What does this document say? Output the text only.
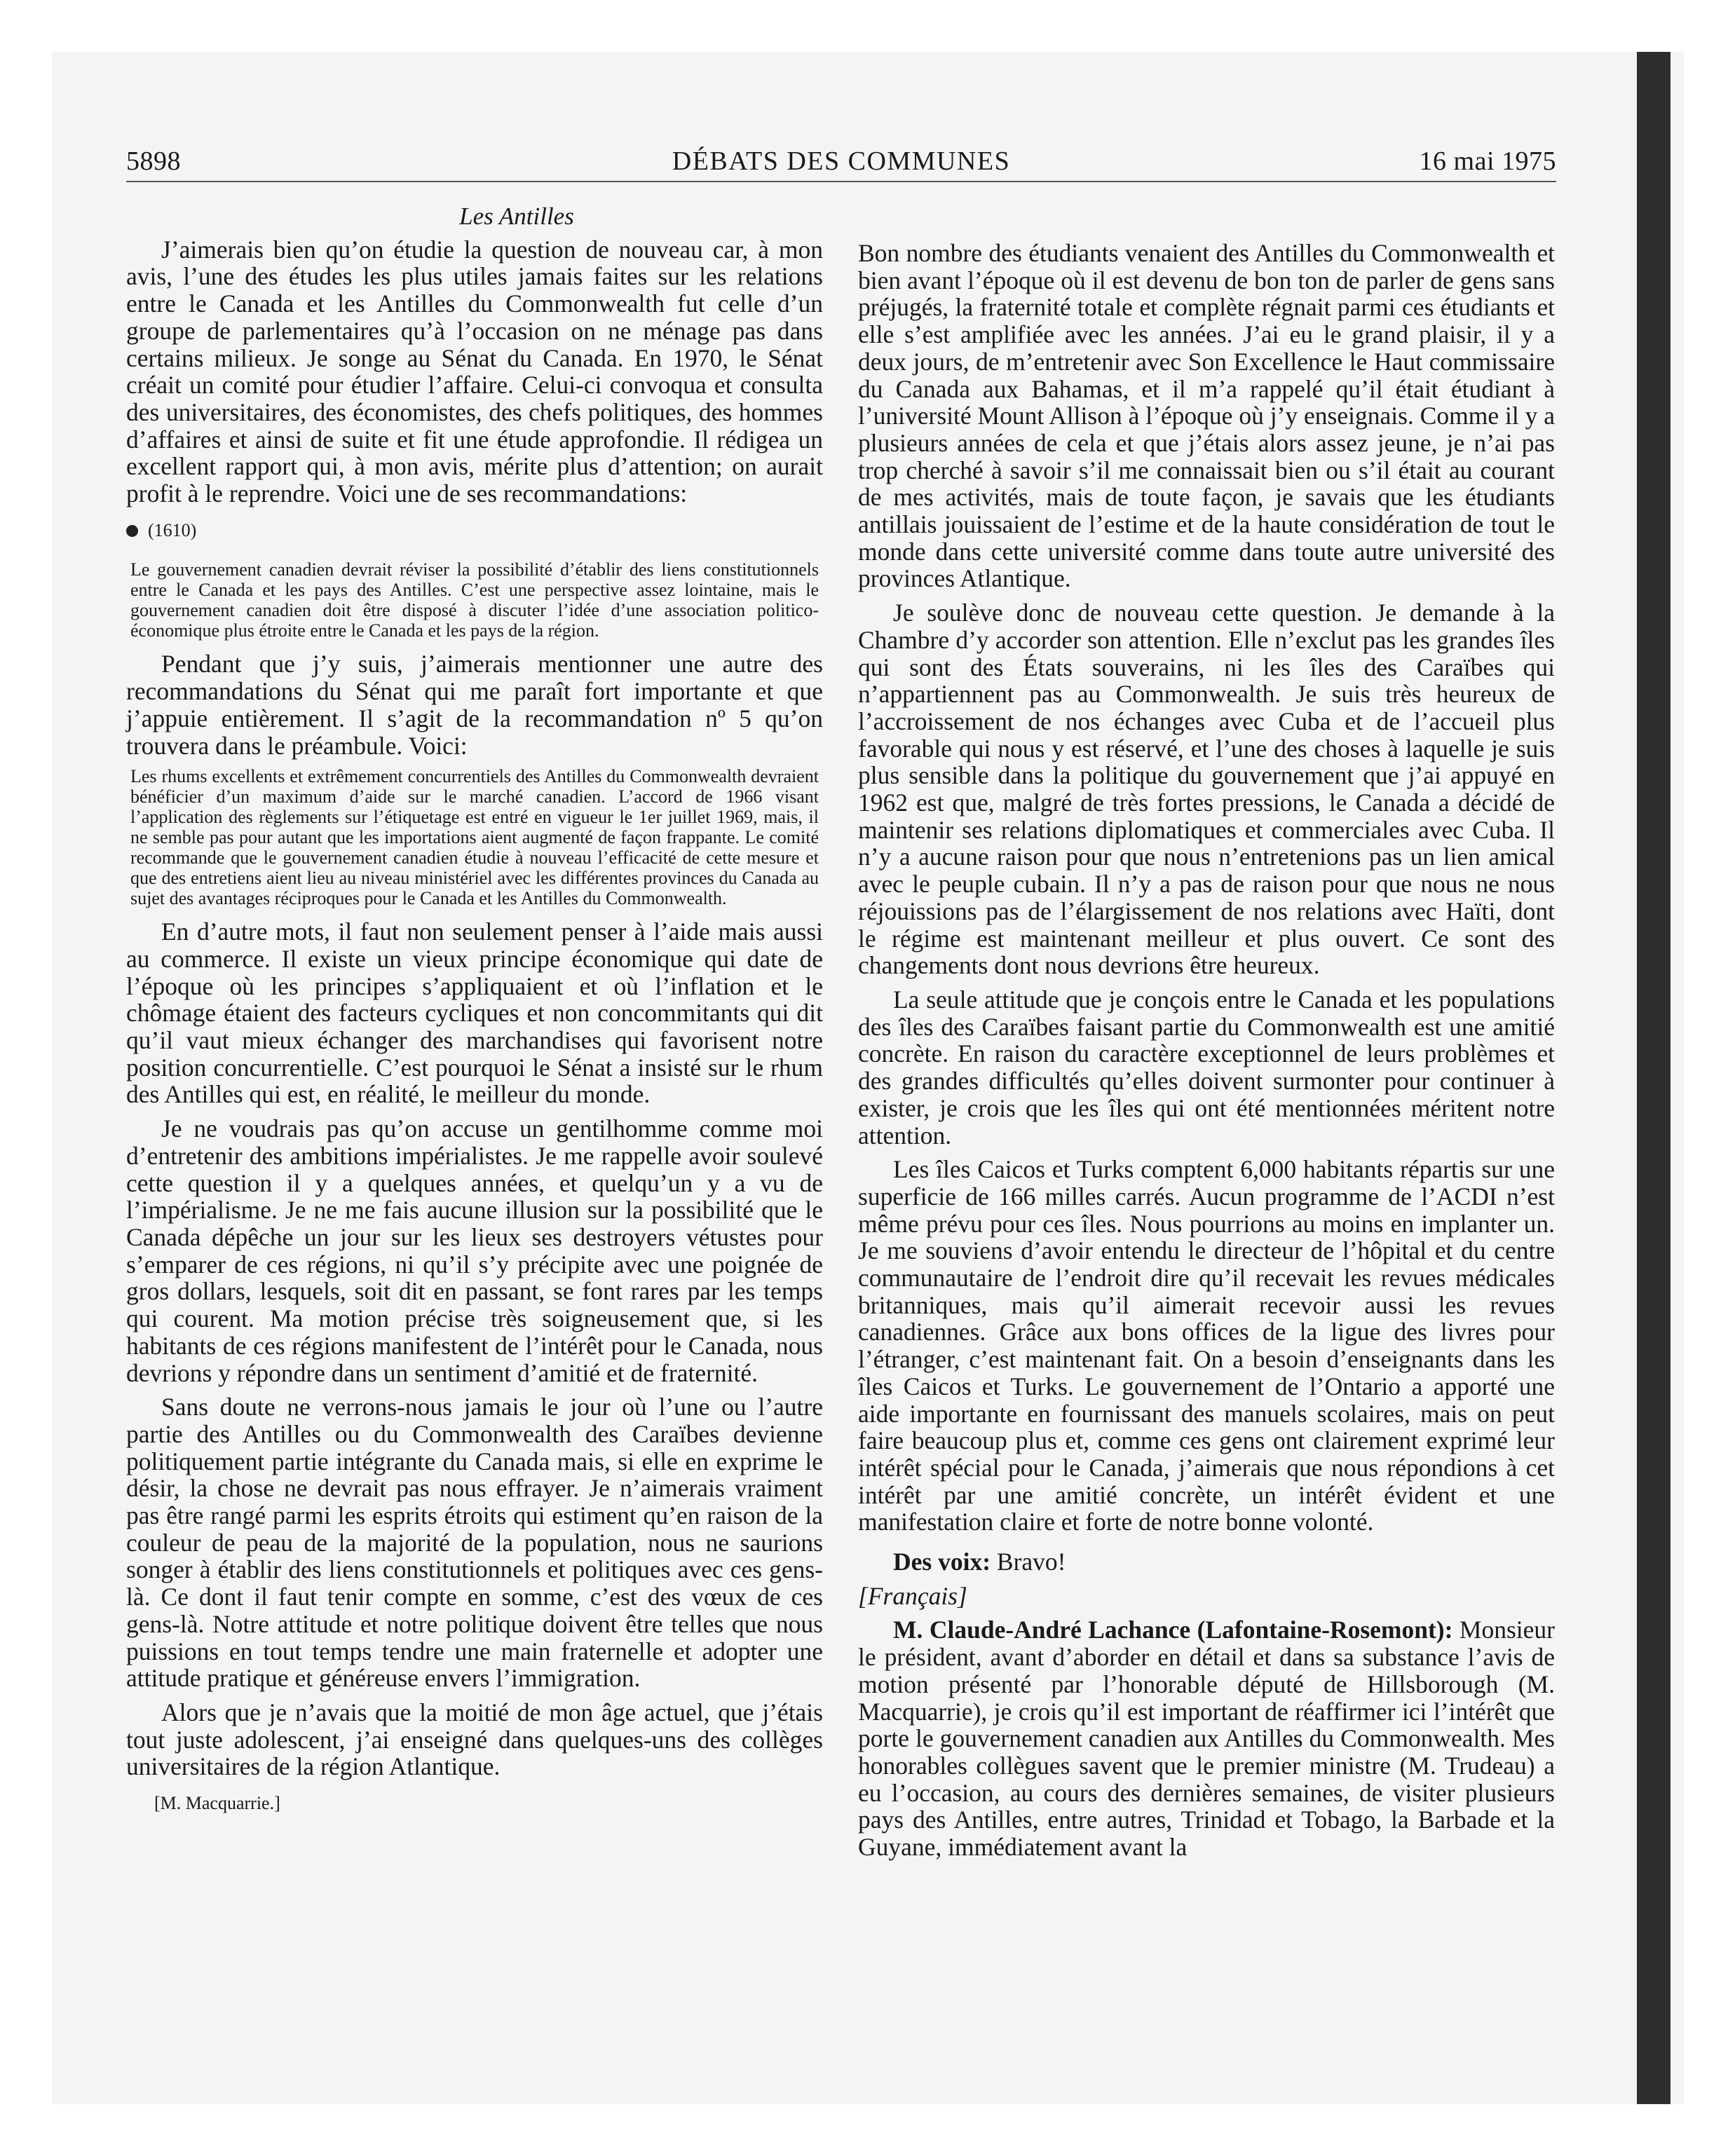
5898	DÉBATS DES COMMUNES	16 mai 1975
Les Antilles

J’aimerais bien qu’on étudie la question de nouveau car, à mon avis, l’une des études les plus utiles jamais faites sur les relations entre le Canada et les Antilles du Commonwealth fut celle d’un groupe de parlementaires qu’à l’occasion on ne ménage pas dans certains milieux. Je songe au Sénat du Canada. En 1970, le Sénat créait un comité pour étudier l’affaire. Celui-ci convoqua et consulta des universitaires, des économistes, des chefs politiques, des hommes d’affaires et ainsi de suite et fit une étude approfondie. Il rédigea un excellent rapport qui, à mon avis, mérite plus d’attention; on aurait profit à le reprendre. Voici une de ses recommandations:

(1610)
Le gouvernement canadien devrait réviser la possibilité d’établir des liens constitutionnels entre le Canada et les pays des Antilles. C’est une perspective assez lointaine, mais le gouvernement canadien doit être disposé à discuter l’idée d’une association politico-économique plus étroite entre le Canada et les pays de la région.

Pendant que j’y suis, j’aimerais mentionner une autre des recommandations du Sénat qui me paraît fort importante et que j’appuie entièrement. Il s’agit de la recommandation nº 5 qu’on trouvera dans le préambule. Voici:

Les rhums excellents et extrêmement concurrentiels des Antilles du Commonwealth devraient bénéficier d’un maximum d’aide sur le marché canadien. L’accord de 1966 visant l’application des règlements sur l’étiquetage est entré en vigueur le 1er juillet 1969, mais, il ne semble pas pour autant que les importations aient augmenté de façon frappante. Le comité recommande que le gouvernement canadien étudie à nouveau l’efficacité de cette mesure et que des entretiens aient lieu au niveau ministériel avec les différentes provinces du Canada au sujet des avantages réciproques pour le Canada et les Antilles du Commonwealth.

En d’autre mots, il faut non seulement penser à l’aide mais aussi au commerce. Il existe un vieux principe économique qui date de l’époque où les principes s’appliquaient et où l’inflation et le chômage étaient des facteurs cycliques et non concommitants qui dit qu’il vaut mieux échanger des marchandises qui favorisent notre position concurrentielle. C’est pourquoi le Sénat a insisté sur le rhum des Antilles qui est, en réalité, le meilleur du monde.

Je ne voudrais pas qu’on accuse un gentilhomme comme moi d’entretenir des ambitions impérialistes. Je me rappelle avoir soulevé cette question il y a quelques années, et quelqu’un y a vu de l’impérialisme. Je ne me fais aucune illusion sur la possibilité que le Canada dépêche un jour sur les lieux ses destroyers vétustes pour s’emparer de ces régions, ni qu’il s’y précipite avec une poignée de gros dollars, lesquels, soit dit en passant, se font rares par les temps qui courent. Ma motion précise très soigneusement que, si les habitants de ces régions manifestent de l’intérêt pour le Canada, nous devrions y répondre dans un sentiment d’amitié et de fraternité.

Sans doute ne verrons-nous jamais le jour où l’une ou l’autre partie des Antilles ou du Commonwealth des Caraïbes devienne politiquement partie intégrante du Canada mais, si elle en exprime le désir, la chose ne devrait pas nous effrayer. Je n’aimerais vraiment pas être rangé parmi les esprits étroits qui estiment qu’en raison de la couleur de peau de la majorité de la population, nous ne saurions songer à établir des liens constitutionnels et politiques avec ces gens-là. Ce dont il faut tenir compte en somme, c’est des vœux de ces gens-là. Notre attitude et notre politique doivent être telles que nous puissions en tout temps tendre une main fraternelle et adopter une attitude pratique et généreuse envers l’immigration.

Alors que je n’avais que la moitié de mon âge actuel, que j’étais tout juste adolescent, j’ai enseigné dans quelques-uns des collèges universitaires de la région Atlantique.

[M. Macquarrie.]

Bon nombre des étudiants venaient des Antilles du Commonwealth et bien avant l’époque où il est devenu de bon ton de parler de gens sans préjugés, la fraternité totale et complète régnait parmi ces étudiants et elle s’est amplifiée avec les années. J’ai eu le grand plaisir, il y a deux jours, de m’entretenir avec Son Excellence le Haut commissaire du Canada aux Bahamas, et il m’a rappelé qu’il était étudiant à l’université Mount Allison à l’époque où j’y enseignais. Comme il y a plusieurs années de cela et que j’étais alors assez jeune, je n’ai pas trop cherché à savoir s’il me connaissait bien ou s’il était au courant de mes activités, mais de toute façon, je savais que les étudiants antillais jouissaient de l’estime et de la haute considération de tout le monde dans cette université comme dans toute autre université des provinces Atlantique.

Je soulève donc de nouveau cette question. Je demande à la Chambre d’y accorder son attention. Elle n’exclut pas les grandes îles qui sont des États souverains, ni les îles des Caraïbes qui n’appartiennent pas au Commonwealth. Je suis très heureux de l’accroissement de nos échanges avec Cuba et de l’accueil plus favorable qui nous y est réservé, et l’une des choses à laquelle je suis plus sensible dans la politique du gouvernement que j’ai appuyé en 1962 est que, malgré de très fortes pressions, le Canada a décidé de maintenir ses relations diplomatiques et commerciales avec Cuba. Il n’y a aucune raison pour que nous n’entretenions pas un lien amical avec le peuple cubain. Il n’y a pas de raison pour que nous ne nous réjouissions pas de l’élargissement de nos relations avec Haïti, dont le régime est maintenant meilleur et plus ouvert. Ce sont des changements dont nous devrions être heureux.

La seule attitude que je conçois entre le Canada et les populations des îles des Caraïbes faisant partie du Commonwealth est une amitié concrète. En raison du caractère exceptionnel de leurs problèmes et des grandes difficultés qu’elles doivent surmonter pour continuer à exister, je crois que les îles qui ont été mentionnées méritent notre attention.

Les îles Caicos et Turks comptent 6,000 habitants répartis sur une superficie de 166 milles carrés. Aucun programme de l’ACDI n’est même prévu pour ces îles. Nous pourrions au moins en implanter un. Je me souviens d’avoir entendu le directeur de l’hôpital et du centre communautaire de l’endroit dire qu’il recevait les revues médicales britanniques, mais qu’il aimerait recevoir aussi les revues canadiennes. Grâce aux bons offices de la ligue des livres pour l’étranger, c’est maintenant fait. On a besoin d’enseignants dans les îles Caicos et Turks. Le gouvernement de l’Ontario a apporté une aide importante en fournissant des manuels scolaires, mais on peut faire beaucoup plus et, comme ces gens ont clairement exprimé leur intérêt spécial pour le Canada, j’aimerais que nous répondions à cet intérêt par une amitié concrète, un intérêt évident et une manifestation claire et forte de notre bonne volonté.

Des voix: Bravo!

[Français]

M. Claude-André Lachance (Lafontaine-Rosemont): Monsieur le président, avant d’aborder en détail et dans sa substance l’avis de motion présenté par l’honorable député de Hillsborough (M. Macquarrie), je crois qu’il est important de réaffirmer ici l’intérêt que porte le gouvernement canadien aux Antilles du Commonwealth. Mes honorables collègues savent que le premier ministre (M. Trudeau) a eu l’occasion, au cours des dernières semaines, de visiter plusieurs pays des Antilles, entre autres, Trinidad et Tobago, la Barbade et la Guyane, immédiatement avant la
